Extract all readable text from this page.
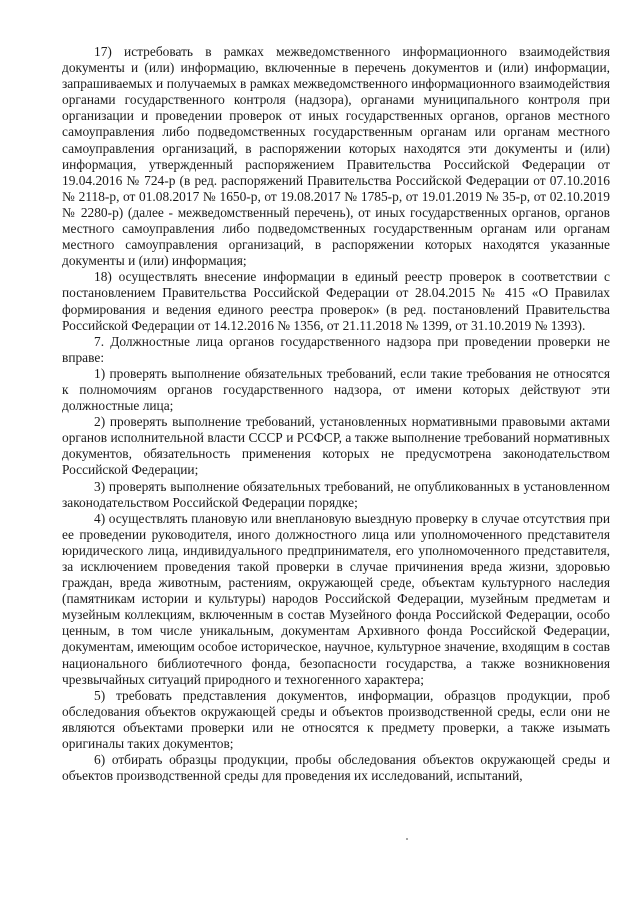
17) истребовать в рамках межведомственного информационного взаимодействия документы и (или) информацию, включенные в перечень документов и (или) информации, запрашиваемых и получаемых в рамках межведомственного информационного взаимодействия органами государственного контроля (надзора), органами муниципального контроля при организации и проведении проверок от иных государственных органов, органов местного самоуправления либо подведомственных государственным органам или органам местного самоуправления организаций, в распоряжении которых находятся эти документы и (или) информация, утвержденный распоряжением Правительства Российской Федерации от 19.04.2016 № 724-р (в ред. распоряжений Правительства Российской Федерации от 07.10.2016 № 2118-р, от 01.08.2017 № 1650-р, от 19.08.2017 № 1785-р, от 19.01.2019 № 35-р, от 02.10.2019 № 2280-р) (далее - межведомственный перечень), от иных государственных органов, органов местного самоуправления либо подведомственных государственным органам или органам местного самоуправления организаций, в распоряжении которых находятся указанные документы и (или) информация;

18) осуществлять внесение информации в единый реестр проверок в соответствии с постановлением Правительства Российской Федерации от 28.04.2015 № 415 «О Правилах формирования и ведения единого реестра проверок» (в ред. постановлений Правительства Российской Федерации от 14.12.2016 № 1356, от 21.11.2018 № 1399, от 31.10.2019 № 1393).

7. Должностные лица органов государственного надзора при проведении проверки не вправе:

1) проверять выполнение обязательных требований, если такие требования не относятся к полномочиям органов государственного надзора, от имени которых действуют эти должностные лица;

2) проверять выполнение требований, установленных нормативными правовыми актами органов исполнительной власти СССР и РСФСР, а также выполнение требований нормативных документов, обязательность применения которых не предусмотрена законодательством Российской Федерации;

3) проверять выполнение обязательных требований, не опубликованных в установленном законодательством Российской Федерации порядке;

4) осуществлять плановую или внеплановую выездную проверку в случае отсутствия при ее проведении руководителя, иного должностного лица или уполномоченного представителя юридического лица, индивидуального предпринимателя, его уполномоченного представителя, за исключением проведения такой проверки в случае причинения вреда жизни, здоровью граждан, вреда животным, растениям, окружающей среде, объектам культурного наследия (памятникам истории и культуры) народов Российской Федерации, музейным предметам и музейным коллекциям, включенным в состав Музейного фонда Российской Федерации, особо ценным, в том числе уникальным, документам Архивного фонда Российской Федерации, документам, имеющим особое историческое, научное, культурное значение, входящим в состав национального библиотечного фонда, безопасности государства, а также возникновения чрезвычайных ситуаций природного и техногенного характера;

5) требовать представления документов, информации, образцов продукции, проб обследования объектов окружающей среды и объектов производственной среды, если они не являются объектами проверки или не относятся к предмету проверки, а также изымать оригиналы таких документов;

6) отбирать образцы продукции, пробы обследования объектов окружающей среды и объектов производственной среды для проведения их исследований, испытаний,
